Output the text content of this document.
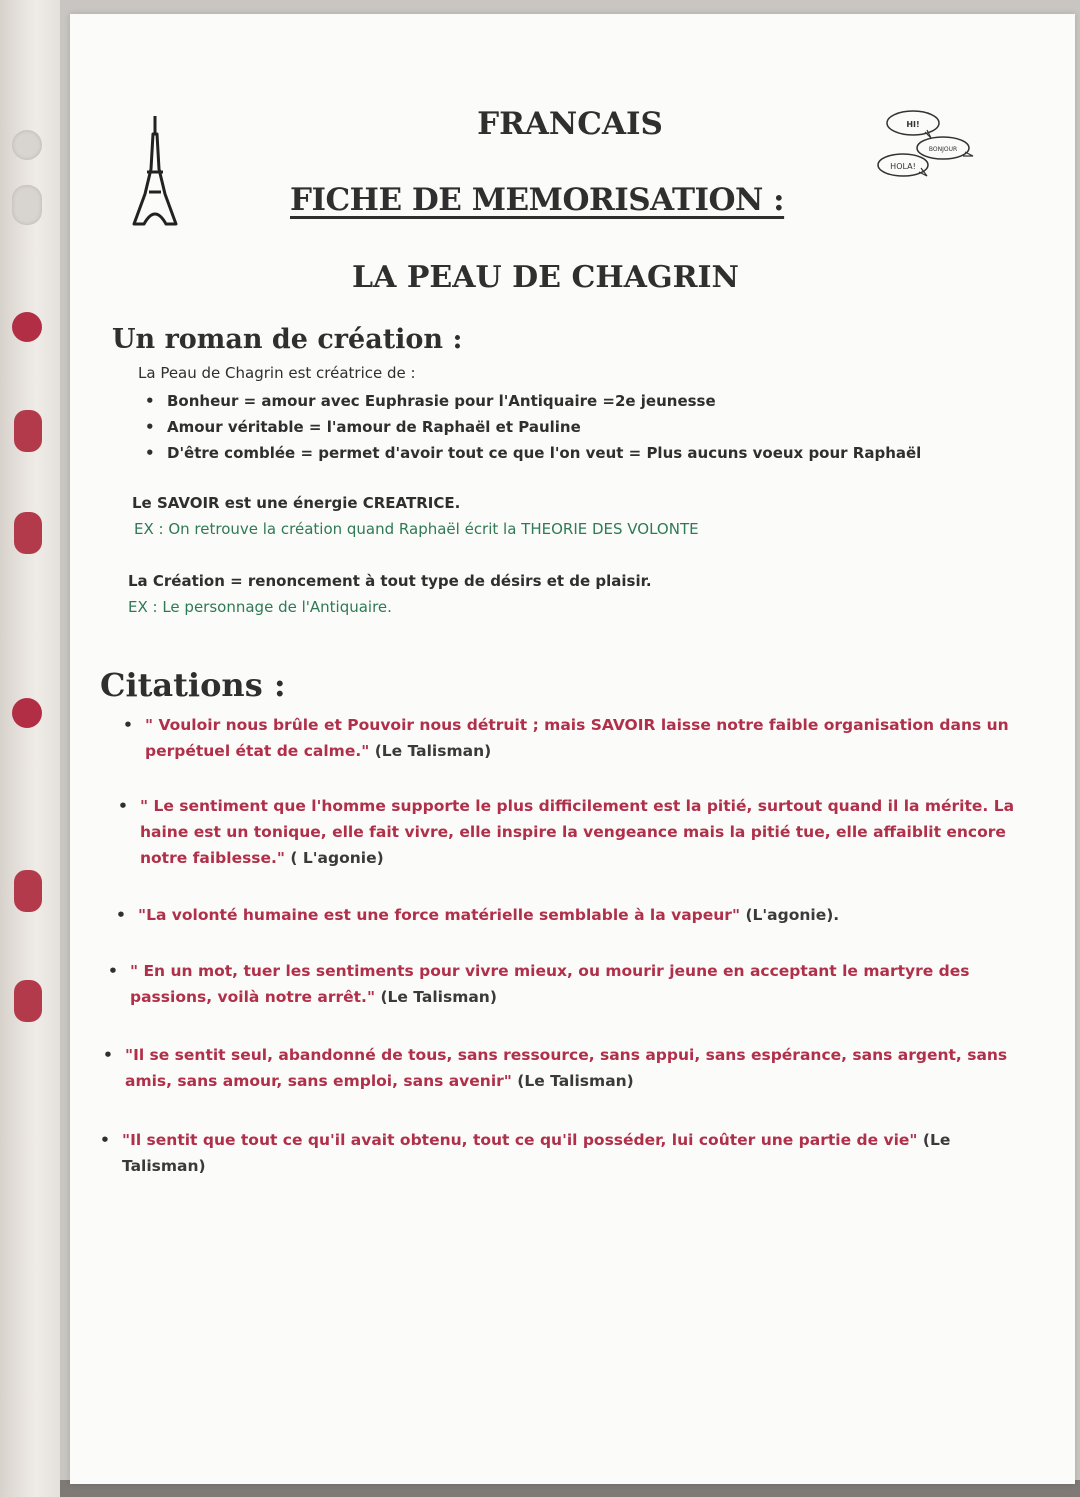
FRANCAIS
FICHE DE MEMORISATION :
LA PEAU DE CHAGRIN
HI!
BONJOUR
HOLA!
Un roman de création :
La Peau de Chagrin est créatrice de :
• Bonheur = amour avec Euphrasie pour l'Antiquaire =2e jeunesse
• Amour véritable = l'amour de Raphaël et Pauline
• D'être comblée = permet d'avoir tout ce que l'on veut = Plus aucuns voeux pour Raphaël
Le SAVOIR est une énergie CREATRICE.
EX : On retrouve la création quand Raphaël écrit la THEORIE DES VOLONTE
La Création = renoncement à tout type de désirs et de plaisir.
EX : Le personnage de l'Antiquaire.
Citations :
• " Vouloir nous brûle et Pouvoir nous détruit ; mais SAVOIR laisse notre faible organisation dans un
perpétuel état de calme." (Le Talisman)
• " Le sentiment que l'homme supporte le plus difficilement est la pitié, surtout quand il la mérite. La
haine est un tonique, elle fait vivre, elle inspire la vengeance mais la pitié tue, elle affaiblit encore
notre faiblesse." ( L'agonie)
• "La volonté humaine est une force matérielle semblable à la vapeur" (L'agonie).
• " En un mot, tuer les sentiments pour vivre mieux, ou mourir jeune en acceptant le martyre des
passions, voilà notre arrêt." (Le Talisman)
• "Il se sentit seul, abandonné de tous, sans ressource, sans appui, sans espérance, sans argent, sans
amis, sans amour, sans emploi, sans avenir" (Le Talisman)
• "Il sentit que tout ce qu'il avait obtenu, tout ce qu'il posséder, lui coûter une partie de vie" (Le
Talisman)
